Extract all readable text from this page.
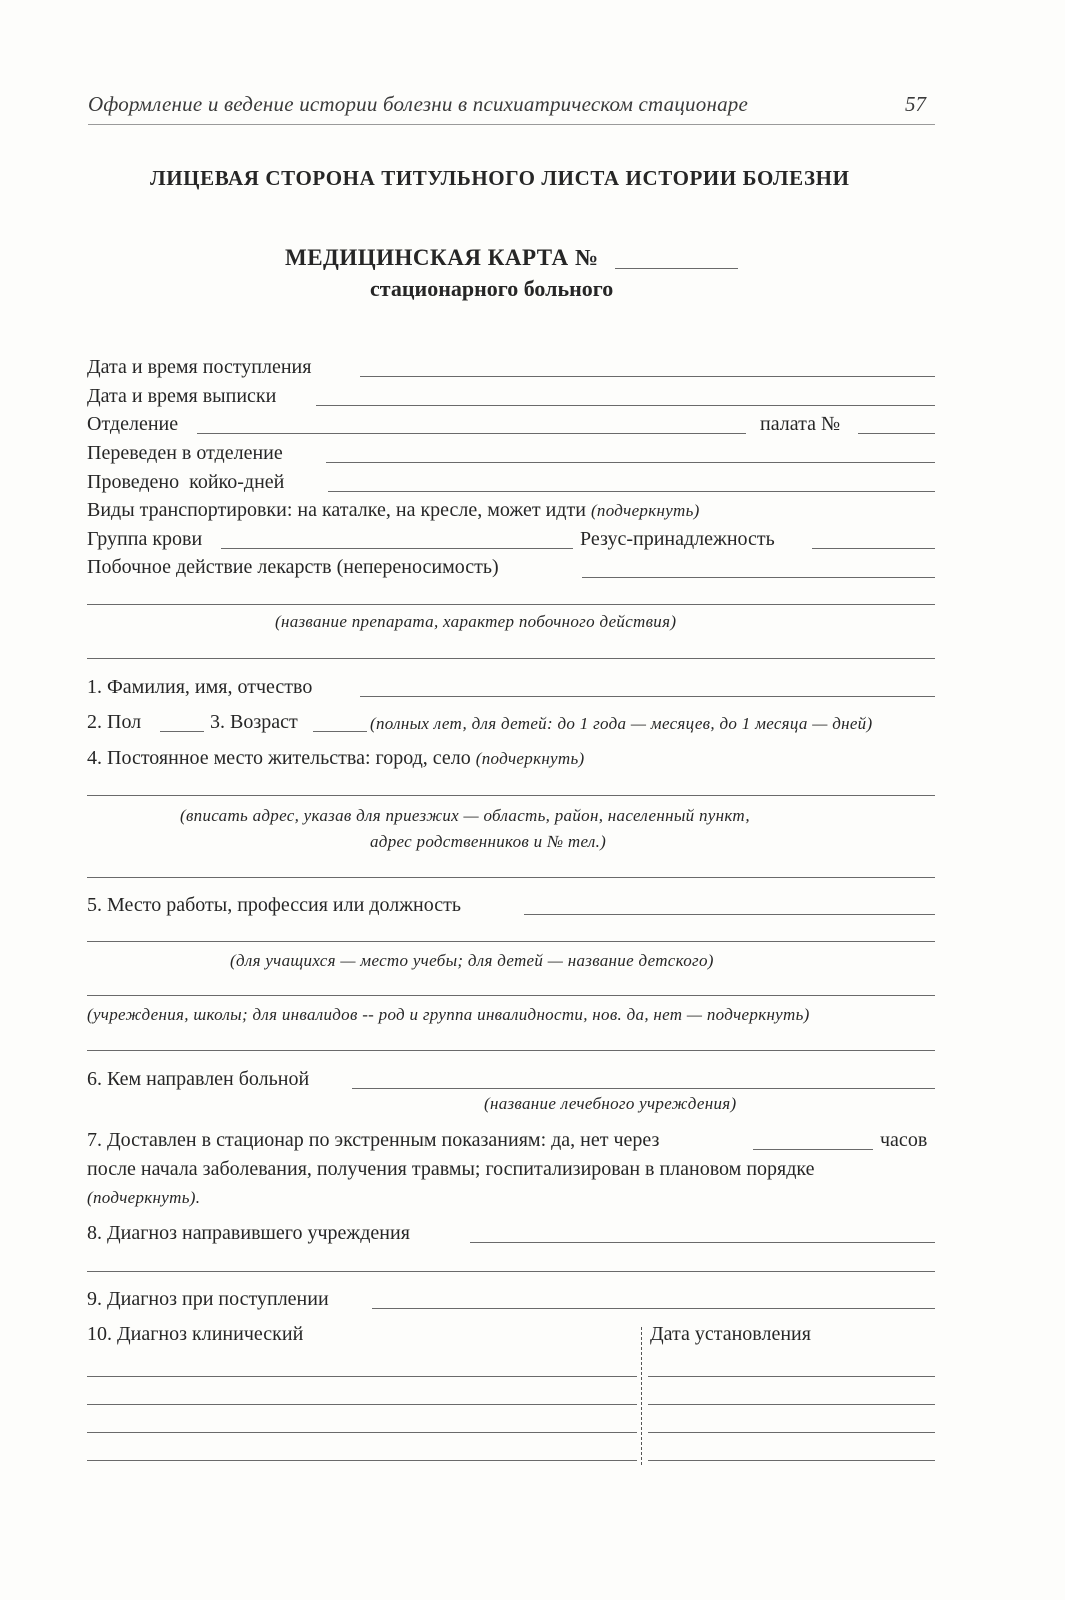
Оформление и ведение истории болезни в психиатрическом стационаре	57
ЛИЦЕВАЯ СТОРОНА ТИТУЛЬНОГО ЛИСТА ИСТОРИИ БОЛЕЗНИ
МЕДИЦИНСКАЯ КАРТА №
стационарного больного
Дата и время поступления
Дата и время выписки
Отделение	палата №
Переведен в отделение
Проведено  койко-дней
Виды транспортировки: на каталке, на кресле, может идти (подчеркнуть)
Группа крови	Резус-принадлежность
Побочное действие лекарств (непереносимость)
(название препарата, характер побочного действия)
1. Фамилия, имя, отчество
2. Пол	3. Возраст	(полных лет, для детей: до 1 года — месяцев, до 1 месяца — дней)
4. Постоянное место жительства: город, село (подчеркнуть)
(вписать адрес, указав для приезжих — область, район, населенный пункт,
адрес родственников и № тел.)
5. Место работы, профессия или должность
(для учащихся — место учебы; для детей — название детского)
(учреждения, школы; для инвалидов -- род и группа инвалидности, нов. да, нет — подчеркнуть)
6. Кем направлен больной
(название лечебного учреждения)
7. Доставлен в стационар по экстренным показаниям: да, нет через	часов
после начала заболевания, получения травмы; госпитализирован в плановом порядке
(подчеркнуть).
8. Диагноз направившего учреждения
9. Диагноз при поступлении
10. Диагноз клинический	Дата установления
